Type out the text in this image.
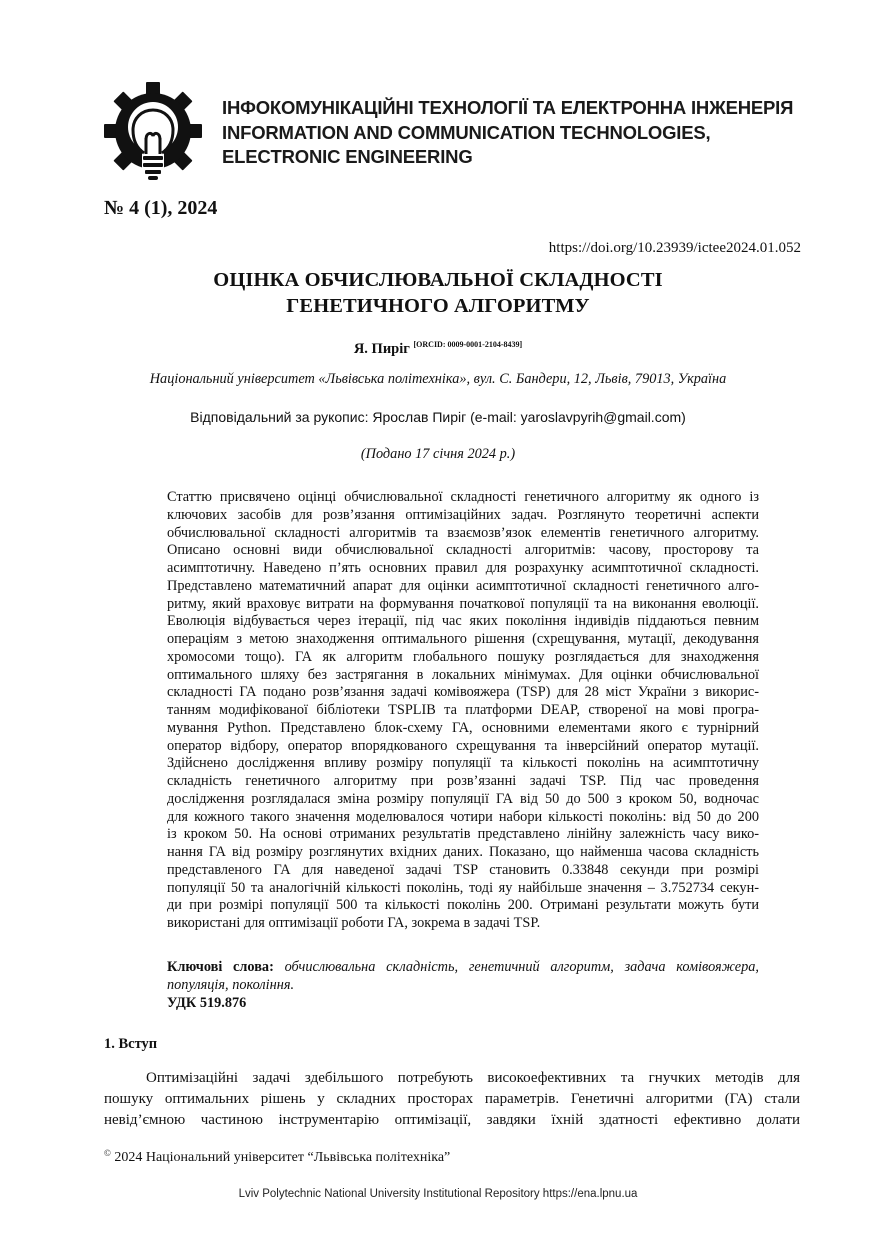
ІНФОКОМУНІКАЦІЙНІ ТЕХНОЛОГІЇ ТА ЕЛЕКТРОННА ІНЖЕНЕРІЯ
INFORMATION AND COMMUNICATION TECHNOLOGIES,
ELECTRONIC ENGINEERING
№ 4 (1), 2024
https://doi.org/10.23939/ictee2024.01.052
ОЦІНКА ОБЧИСЛЮВАЛЬНОЇ СКЛАДНОСТІ
ГЕНЕТИЧНОГО АЛГОРИТМУ
Я. Пиріг [ORCID: 0009-0001-2104-8439]
Національний університет «Львівська політехніка», вул. С. Бандери, 12, Львів, 79013, Україна
Відповідальний за рукопис: Ярослав Пиріг (e-mail: yaroslavpyrih@gmail.com)
(Подано 17 січня 2024 р.)
Статтю присвячено оцінці обчислювальної складності генетичного алгоритму як одного із
ключових засобів для розв’язання оптимізаційних задач. Розглянуто теоретичні аспекти
обчислювальної складності алгоритмів та взаємозв’язок елементів генетичного алгоритму.
Описано основні види обчислювальної складності алгоритмів: часову, просторову та
асимптотичну. Наведено п’ять основних правил для розрахунку асимптотичної складності.
Представлено математичний апарат для оцінки асимптотичної складності генетичного алго-
ритму, який враховує витрати на формування початкової популяції та на виконання еволюції.
Еволюція відбувається через ітерації, під час яких покоління індивідів піддаються певним
операціям з метою знаходження оптимального рішення (схрещування, мутації, декодування
хромосоми тощо). ГА як алгоритм глобального пошуку розглядається для знаходження
оптимального шляху без застрягання в локальних мінімумах. Для оцінки обчислювальної
складності ГА подано розв’язання задачі комівояжера (TSP) для 28 міст України з викорис-
танням модифікованої бібліотеки TSPLIB та платформи DEAP, створеної на мові програ-
мування Python. Представлено блок-схему ГА, основними елементами якого є турнірний
оператор відбору, оператор впорядкованого схрещування та інверсійний оператор мутації.
Здійснено дослідження впливу розміру популяції та кількості поколінь на асимптотичну
складність генетичного алгоритму при розв’язанні задачі TSP. Під час проведення
дослідження розглядалася зміна розміру популяції ГА від 50 до 500 з кроком 50, водночас
для кожного такого значення моделювалося чотири набори кількості поколінь: від 50 до 200
із кроком 50. На основі отриманих результатів представлено лінійну залежність часу вико-
нання ГА від розміру розглянутих вхідних даних. Показано, що найменша часова складність
представленого ГА для наведеної задачі TSP становить 0.33848 секунди при розмірі
популяції 50 та аналогічній кількості поколінь, тоді яу найбільше значення – 3.752734 секун-
ди при розмірі популяції 500 та кількості поколінь 200. Отримані результати можуть бути
використані для оптимізації роботи ГА, зокрема в задачі TSP.
Ключові слова: обчислювальна складність, генетичний алгоритм, задача комівояжера,
популяція, покоління.
УДК 519.876
1. Вступ
Оптимізаційні задачі здебільшого потребують високоефективних та гнучких методів для
пошуку оптимальних рішень у складних просторах параметрів. Генетичні алгоритми (ГА) стали
невід’ємною частиною інструментарію оптимізації, завдяки їхній здатності ефективно долати
© 2024 Національний університет “Львівська політехніка”
Lviv Polytechnic National University Institutional Repository https://ena.lpnu.ua
